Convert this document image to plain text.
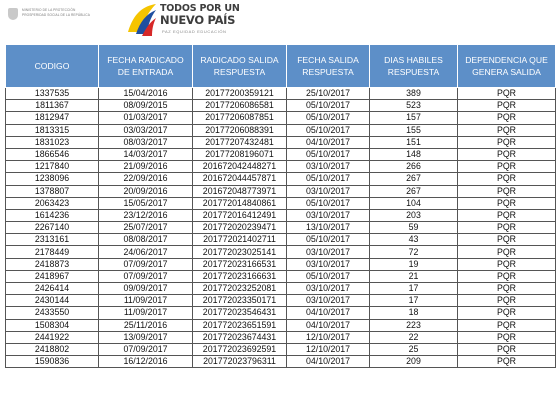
MINISTERIO DE LA PROTECCIÓN
PROSPERIDAD SOCIAL DE LA REPÚBLICA
TODOS POR UN
NUEVO PAÍS
PAZ EQUIDAD EDUCACIÓN
CODIGO	FECHA RADICADO DE ENTRADA	RADICADO SALIDA RESPUESTA	FECHA SALIDA RESPUESTA	DIAS HABILES RESPUESTA	DEPENDENCIA QUE GENERA SALIDA
1337535	15/04/2016	20177200359121	25/10/2017	389	PQR
1811367	08/09/2015	20177206086581	05/10/2017	523	PQR
1812947	01/03/2017	20177206087851	05/10/2017	157	PQR
1813315	03/03/2017	20177206088391	05/10/2017	155	PQR
1831023	08/03/2017	20177207432481	04/10/2017	151	PQR
1866546	14/03/2017	20177208196071	05/10/2017	148	PQR
1217840	21/09/2016	201672042448271	03/10/2017	266	PQR
1238096	22/09/2016	201672044457871	05/10/2017	267	PQR
1378807	20/09/2016	201672048773971	03/10/2017	267	PQR
2063423	15/05/2017	201772014840861	05/10/2017	104	PQR
1614236	23/12/2016	201772016412491	03/10/2017	203	PQR
2267140	25/07/2017	201772020239471	13/10/2017	59	PQR
2313161	08/08/2017	201772021402711	05/10/2017	43	PQR
2178449	24/06/2017	201772023025141	03/10/2017	72	PQR
2418873	07/09/2017	201772023166531	03/10/2017	19	PQR
2418967	07/09/2017	201772023166631	05/10/2017	21	PQR
2426414	09/09/2017	201772023252081	03/10/2017	17	PQR
2430144	11/09/2017	201772023350171	03/10/2017	17	PQR
2433550	11/09/2017	201772023546431	04/10/2017	18	PQR
1508304	25/11/2016	201772023651591	04/10/2017	223	PQR
2441922	13/09/2017	201772023674431	12/10/2017	22	PQR
2418802	07/09/2017	201772023692591	12/10/2017	25	PQR
1590836	16/12/2016	201772023796311	04/10/2017	209	PQR
